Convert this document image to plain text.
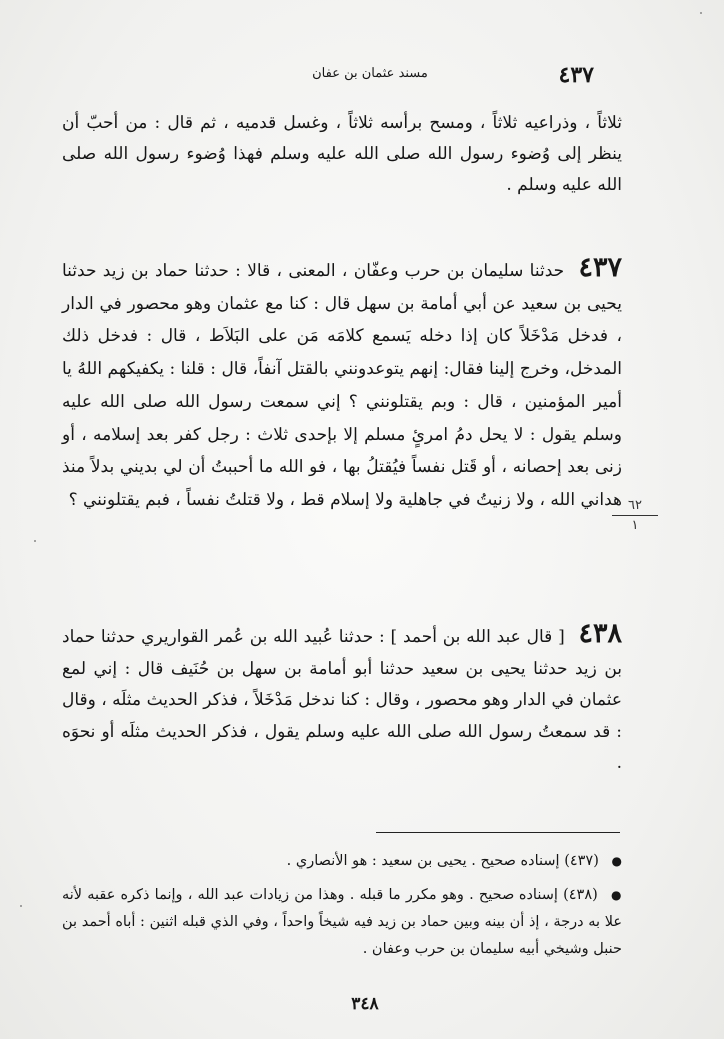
٤٣٧
مسند عثمان بن عفان
ثلاثاً ، وذراعيه ثلاثاً ، ومسح برأسه ثلاثاً ، وغسل قدميه ، ثم قال : من أحبّ أن ينظر إلى وُضوء رسول الله صلى الله عليه وسلم فهذا وُضوء رسول الله صلى الله عليه وسلم .
٤٣٧ حدثنا سليمان بن حرب وعفّان ، المعنى ، قالا : حدثنا حماد بن زيد حدثنا يحيى بن سعيد عن أبي أمامة بن سهل قال : كنا مع عثمان وهو محصور في الدار ، فدخل مَدْخَلاً كان إذا دخله يَسمع كلامَه مَن على البَلاَط ، قال : فدخل ذلك المدخل، وخرج إلينا فقال: إنهم يتوعدونني بالقتل آنفاً، قال : قلنا : يكفيكهم اللهُ يا أمير المؤمنين ، قال : وبم يقتلونني ؟ إني سمعت رسول الله صلى الله عليه وسلم يقول : لا يحل دمُ امرئٍ مسلم إلا بإحدى ثلاث : رجل كفر بعد إسلامه ، أو زنى بعد إحصانه ، أو قَتل نفساً فيُقتلُ بها ، فو الله ما أحببتُ أن لي بديني بدلاً منذ هداني الله ، ولا زنيتُ في جاهلية ولا إسلام قط ، ولا قتلتُ نفساً ، فبم يقتلونني ؟ ٦٢
١
٤٣٨ [ قال عبد الله بن أحمد ] : حدثنا عُبيد الله بن عُمر القواريري حدثنا حماد بن زيد حدثنا يحيى بن سعيد حدثنا أبو أمامة بن سهل بن حُنَيف قال : إني لمع عثمان في الدار وهو محصور ، وقال : كنا ندخل مَدْخَلاً ، فذكر الحديث مثلَه ، وقال : قد سمعتُ رسول الله صلى الله عليه وسلم يقول ، فذكر الحديث مثلَه أو نحوَه .
● (٤٣٧) إسناده صحيح . يحيى بن سعيد : هو الأنصاري .
● (٤٣٨) إسناده صحيح . وهو مكرر ما قبله . وهذا من زيادات عبد الله ، وإنما ذكره عقبه لأنه علا به درجة ، إذ أن بينه وبين حماد بن زيد فيه شيخاً واحداً ، وفي الذي قبله اثنين : أباه أحمد بن حنبل وشيخي أبيه سليمان بن حرب وعفان .
٣٤٨
